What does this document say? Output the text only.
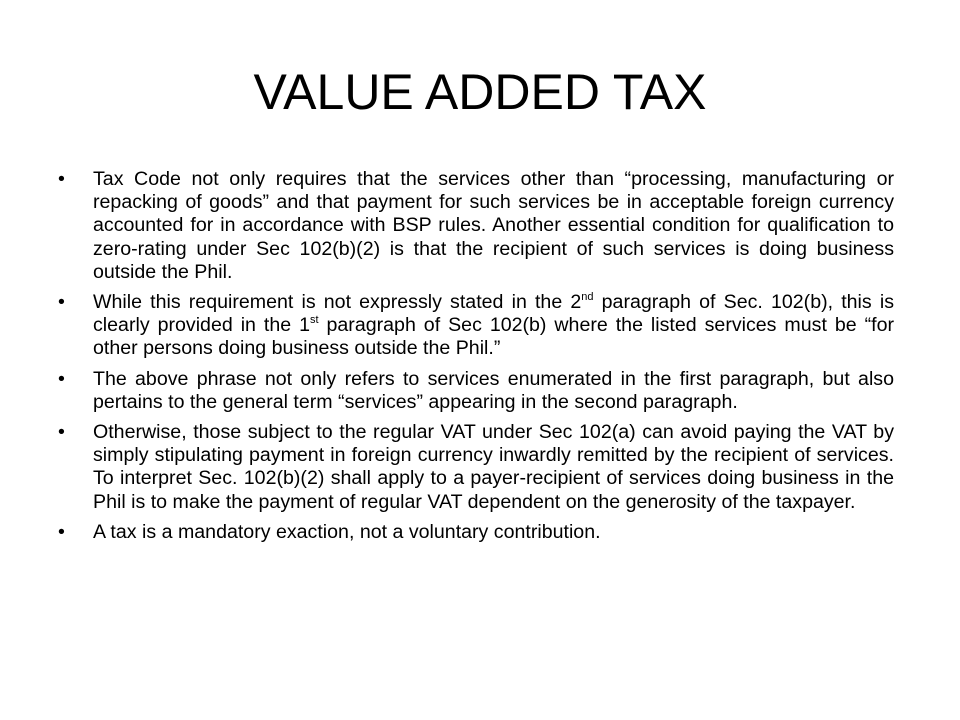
VALUE ADDED TAX
• Tax Code not only requires that the services other than “processing, manufacturing or repacking of goods” and that payment for such services be in acceptable foreign currency accounted for in accordance with BSP rules. Another essential condition for qualification to zero-rating under Sec 102(b)(2) is that the recipient of such services is doing business outside the Phil.
• While this requirement is not expressly stated in the 2nd paragraph of Sec. 102(b), this is clearly provided in the 1st paragraph of Sec 102(b) where the listed services must be “for other persons doing business outside the Phil.”
• The above phrase not only refers to services enumerated in the first paragraph, but also pertains to the general term “services” appearing in the second paragraph.
• Otherwise, those subject to the regular VAT under Sec 102(a) can avoid paying the VAT by simply stipulating payment in foreign currency inwardly remitted by the recipient of services. To interpret Sec. 102(b)(2) shall apply to a payer-recipient of services doing business in the Phil is to make the payment of regular VAT dependent on the generosity of the taxpayer.
• A tax is a mandatory exaction, not a voluntary contribution.
